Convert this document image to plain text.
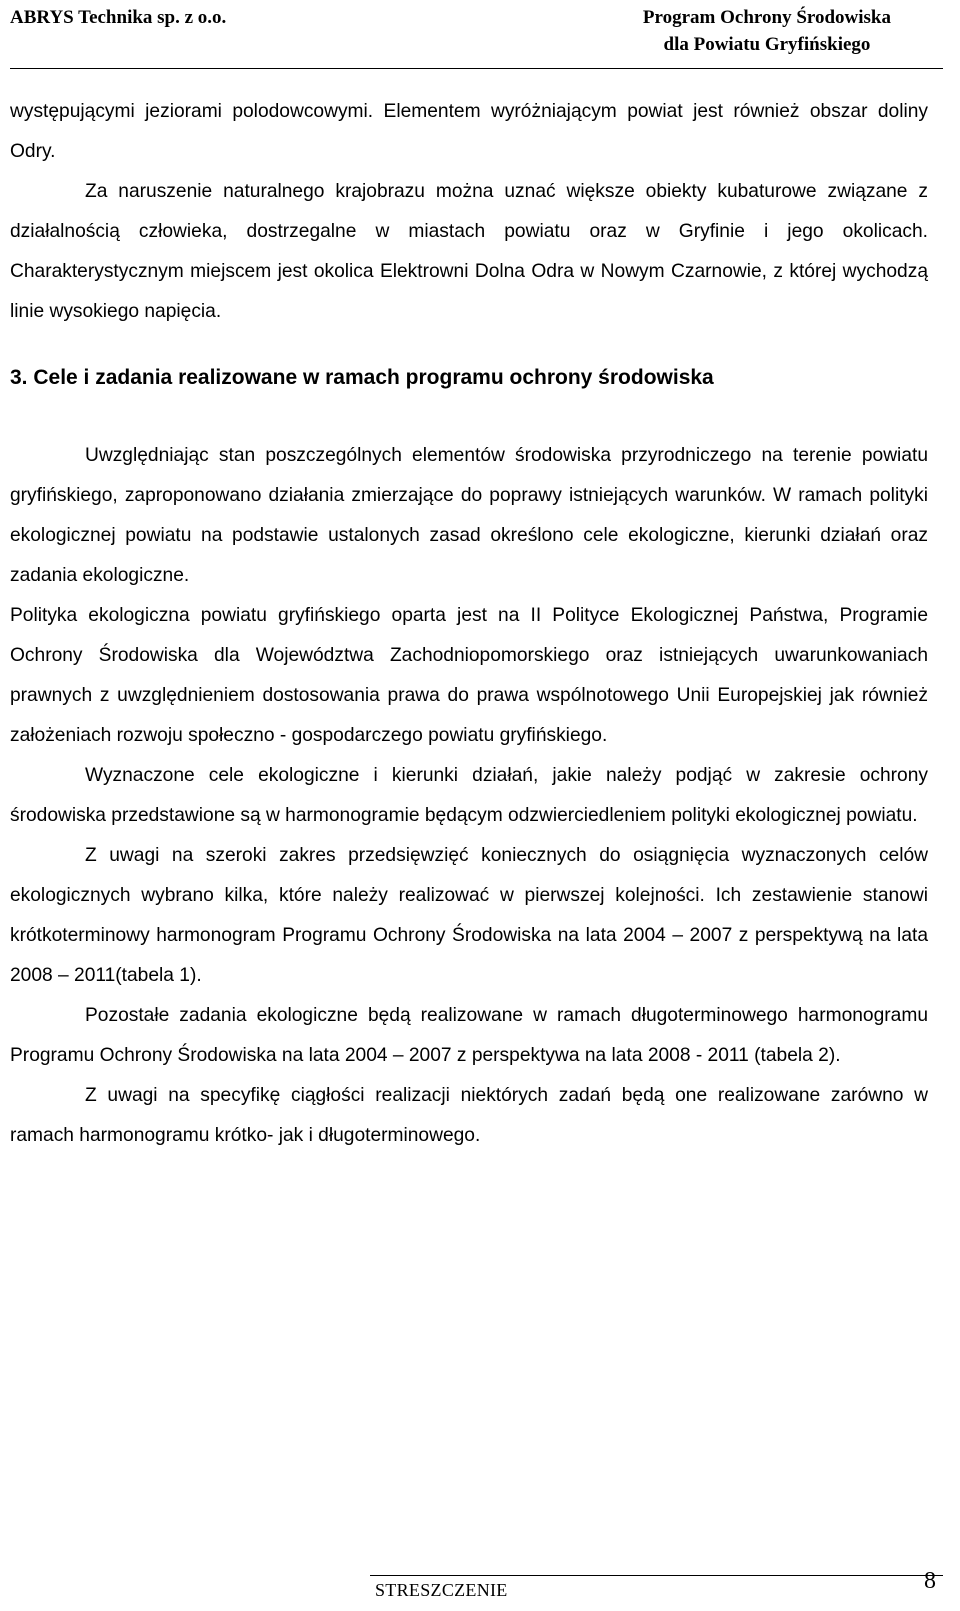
ABRYS Technika sp. z o.o.	Program Ochrony Środowiska
dla Powiatu Gryfińskiego

występującymi jeziorami polodowcowymi. Elementem wyróżniającym powiat jest również obszar doliny Odry.

Za naruszenie naturalnego krajobrazu można uznać większe obiekty kubaturowe związane z działalnością człowieka, dostrzegalne w miastach powiatu oraz w Gryfinie i jego okolicach. Charakterystycznym miejscem jest okolica Elektrowni Dolna Odra w Nowym Czarnowie, z której wychodzą linie wysokiego napięcia.

3. Cele i zadania realizowane w ramach programu ochrony środowiska

Uwzględniając stan poszczególnych elementów środowiska przyrodniczego na terenie powiatu gryfińskiego, zaproponowano działania zmierzające do poprawy istniejących warunków. W ramach polityki ekologicznej powiatu na podstawie ustalonych zasad określono cele ekologiczne, kierunki działań oraz zadania ekologiczne.

Polityka ekologiczna powiatu gryfińskiego oparta jest na II Polityce Ekologicznej Państwa, Programie Ochrony Środowiska dla Województwa Zachodniopomorskiego oraz istniejących uwarunkowaniach prawnych z uwzględnieniem dostosowania prawa do prawa wspólnotowego Unii Europejskiej jak również założeniach rozwoju społeczno - gospodarczego powiatu gryfińskiego.

Wyznaczone cele ekologiczne i kierunki działań, jakie należy podjąć w zakresie ochrony środowiska przedstawione są w harmonogramie będącym odzwierciedleniem polityki ekologicznej powiatu.

Z uwagi na szeroki zakres przedsięwzięć koniecznych do osiągnięcia wyznaczonych celów ekologicznych wybrano kilka, które należy realizować w pierwszej kolejności. Ich zestawienie stanowi krótkoterminowy harmonogram Programu Ochrony Środowiska na lata 2004 – 2007 z perspektywą na lata 2008 – 2011(tabela 1).

Pozostałe zadania ekologiczne będą realizowane w ramach długoterminowego harmonogramu Programu Ochrony Środowiska na lata 2004 – 2007 z perspektywa na lata 2008 - 2011 (tabela 2).

Z uwagi na specyfikę ciągłości realizacji niektórych zadań będą one realizowane zarówno w ramach harmonogramu krótko- jak i długoterminowego.

STRESZCZENIE	8
